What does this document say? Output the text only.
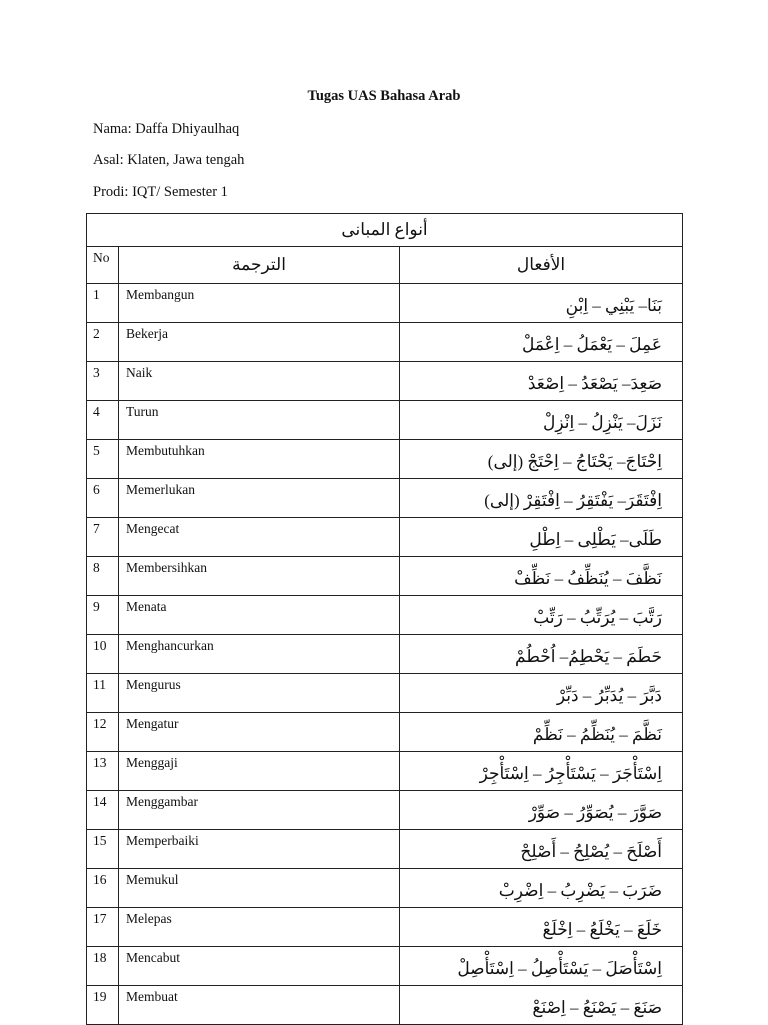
Tugas UAS Bahasa Arab
Nama: Daffa Dhiyaulhaq
Asal: Klaten, Jawa tengah
Prodi: IQT/ Semester 1
أنواع المبانى		
No	الترجمة	الأفعال
1	Membangun	بَنَا– يَبْنِي – اِبْنِ
2	Bekerja	عَمِلَ – يَعْمَلُ – اِعْمَلْ
3	Naik	صَعِدَ– يَصْعَدُ – اِصْعَدْ
4	Turun	نَزَلَ– يَنْزِلُ – اِنْزِلْ
5	Membutuhkan	اِحْتَاجَ– يَحْتَاجُ – اِحْتَجْ (إلى)
6	Memerlukan	اِفْتَقَرَ– يَفْتَقِرُ – اِفْتَقِرْ (إلى)
7	Mengecat	طَلَى– يَطْلِى – اِطْلِ
8	Membersihkan	نَظَّفَ – يُنَظِّفُ – نَظِّفْ
9	Menata	رَتَّبَ – يُرَتِّبُ – رَتِّبْ
10	Menghancurkan	حَطَمَ – يَحْطِمُ– اُحْطُمْ
11	Mengurus	دَبَّرَ – يُدَبِّرُ – دَبِّرْ
12	Mengatur	نَظَّمَ – يُنَظِّمُ – نَظِّمْ
13	Menggaji	اِسْتَأْجَرَ – يَسْتَأْجِرُ – اِسْتَأْجِرْ
14	Menggambar	صَوَّرَ – يُصَوِّرُ – صَوِّرْ
15	Memperbaiki	أَصْلَحَ – يُصْلِحُ – أَصْلِحْ
16	Memukul	ضَرَبَ – يَضْرِبُ – اِضْرِبْ
17	Melepas	خَلَعَ – يَخْلَعُ – اِخْلَعْ
18	Mencabut	اِسْتَأْصَلَ – يَسْتَأْصِلُ – اِسْتَأْصِلْ
19	Membuat	صَنَعَ – يَصْنَعُ – اِصْنَعْ
